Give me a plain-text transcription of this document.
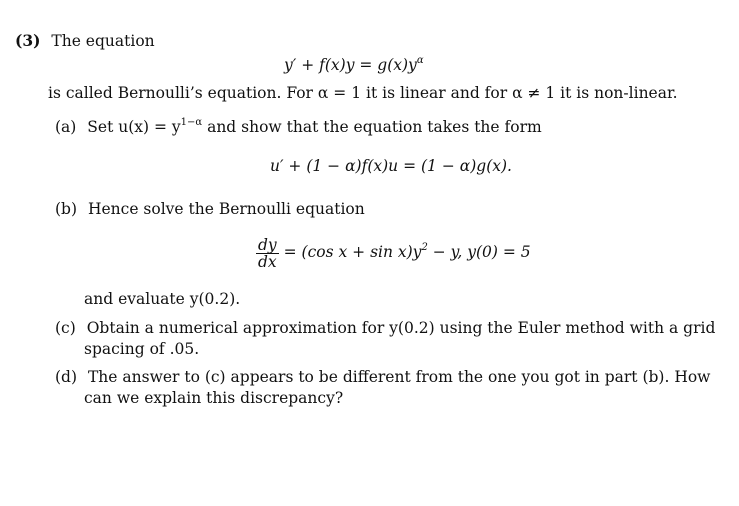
(3) The equation
$y' + f(x)y = g(x)y^\alpha$
is called Bernoulli’s equation. For α = 1 it is linear and for α ≠ 1 it is non-linear.
(a) Set $u(x) = y^{1-\alpha}$ and show that the equation takes the form
u′ + (1 − α)f(x)u = (1 − α)g(x).
(b) Hence solve the Bernoulli equation
$\frac{dy}{dx} = (\cos$ $x + \sin x)y^2 - y$, y(0) = 5
and evaluate y(0.2).
(c) Obtain a numerical approximation for y(0.2) using the Euler method with a grid
spacing of .05.
(d) The answer to (c) appears to be different from the one you got in part (b). How
can we explain this discrepancy?
